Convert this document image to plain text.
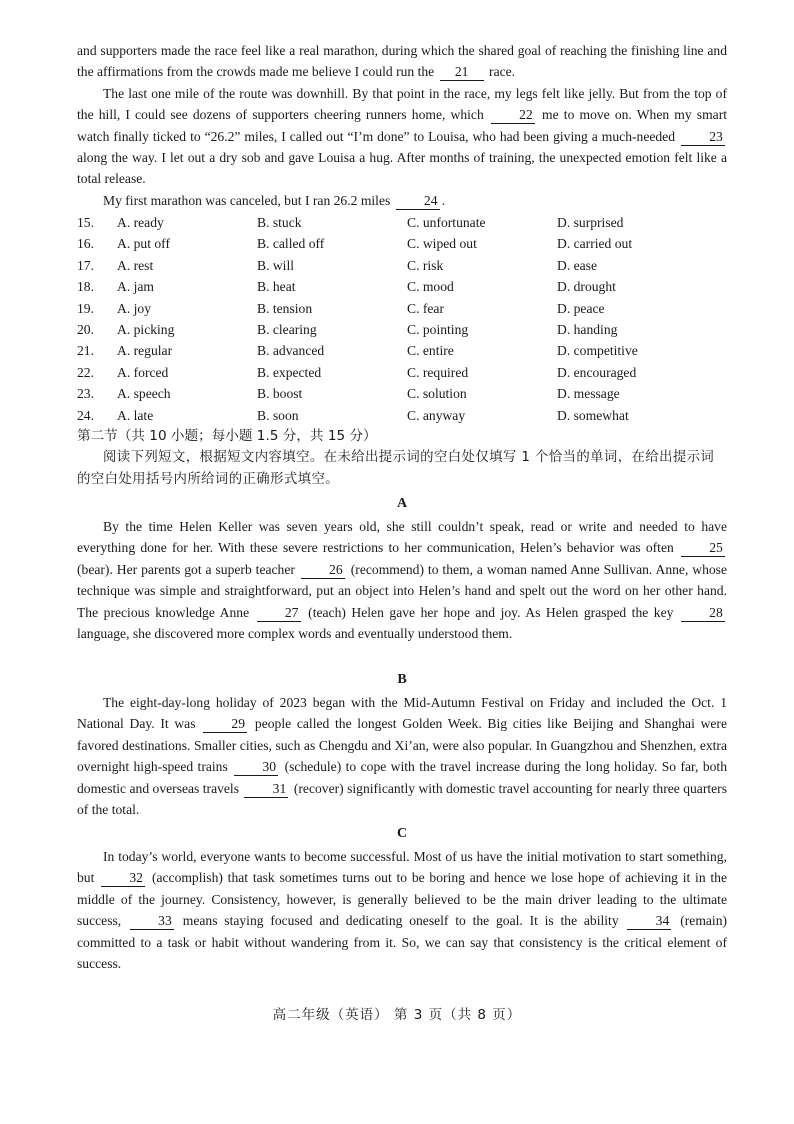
and supporters made the race feel like a real marathon, during which the shared goal of reaching the finishing line and the affirmations from the crowds made me believe I could run the 21 race.

The last one mile of the route was downhill. By that point in the race, my legs felt like jelly. But from the top of the hill, I could see dozens of supporters cheering runners home, which	22 me to move on. When my smart watch finally ticked to “26.2” miles, I called out “I’m done” to Louisa, who had been giving a much-needed	23 along the way. I let out a dry sob and gave Louisa a hug. After months of training, the unexpected emotion felt like a total release.

My first marathon was canceled, but I ran 26.2 miles 24 .

15.	A. ready	B. stuck	C. unfortunate	D. surprised
16.	A. put off	B. called off	C. wiped out	D. carried out
17.	A. rest	B. will	C. risk	D. ease
18.	A. jam	B. heat	C. mood	D. drought
19.	A. joy	B. tension	C. fear	D. peace
20.	A. picking	B. clearing	C. pointing	D. handing
21.	A. regular	B. advanced	C. entire	D. competitive
22.	A. forced	B. expected	C. required	D. encouraged
23.	A. speech	B. boost	C. solution	D. message
24.	A. late	B. soon	C. anyway	D. somewhat
第二节（共 10 小题；每小题 1.5 分，共 15 分）
阅读下列短文，根据短文内容填空。在未给出提示词的空白处仅填写 1 个恰当的单词，在给出提示词的空白处用括号内所给词的正确形式填空。
A

By the time Helen Keller was seven years old, she still couldn’t speak, read or write and needed to have everything done for her. With these severe restrictions to her communication, Helen’s behavior was often	25 (bear). Her parents got a superb teacher	26 (recommend) to them, a woman named Anne Sullivan. Anne, whose technique was simple and straightforward, put an object into Helen’s hand and spelt out the word on her other hand. The precious knowledge Anne	27 (teach) Helen gave her hope and joy. As Helen grasped the key	28 language, she discovered more complex words and eventually understood them.

B

The eight-day-long holiday of 2023 began with the Mid-Autumn Festival on Friday and included the Oct. 1 National Day. It was	29 people called the longest Golden Week. Big cities like Beijing and Shanghai were favored destinations. Smaller cities, such as Chengdu and Xi’an, were also popular. In Guangzhou and Shenzhen, extra overnight high-speed trains	30 (schedule) to cope with the travel increase during the long holiday. So far, both domestic and overseas travels 31 (recover) significantly with domestic travel accounting for nearly three quarters of the total.

C

In today’s world, everyone wants to become successful. Most of us have the initial motivation to start something, but	32 (accomplish) that task sometimes turns out to be boring and hence we lose hope of achieving it in the middle of the journey. Consistency, however, is generally believed to be the main driver leading to the ultimate success,	33 means staying focused and dedicating oneself to the goal. It is the ability	34 (remain) committed to a task or habit without wandering from it. So, we can say that consistency is the critical element of success.

高二年级（英语） 第 3 页（共 8 页）
